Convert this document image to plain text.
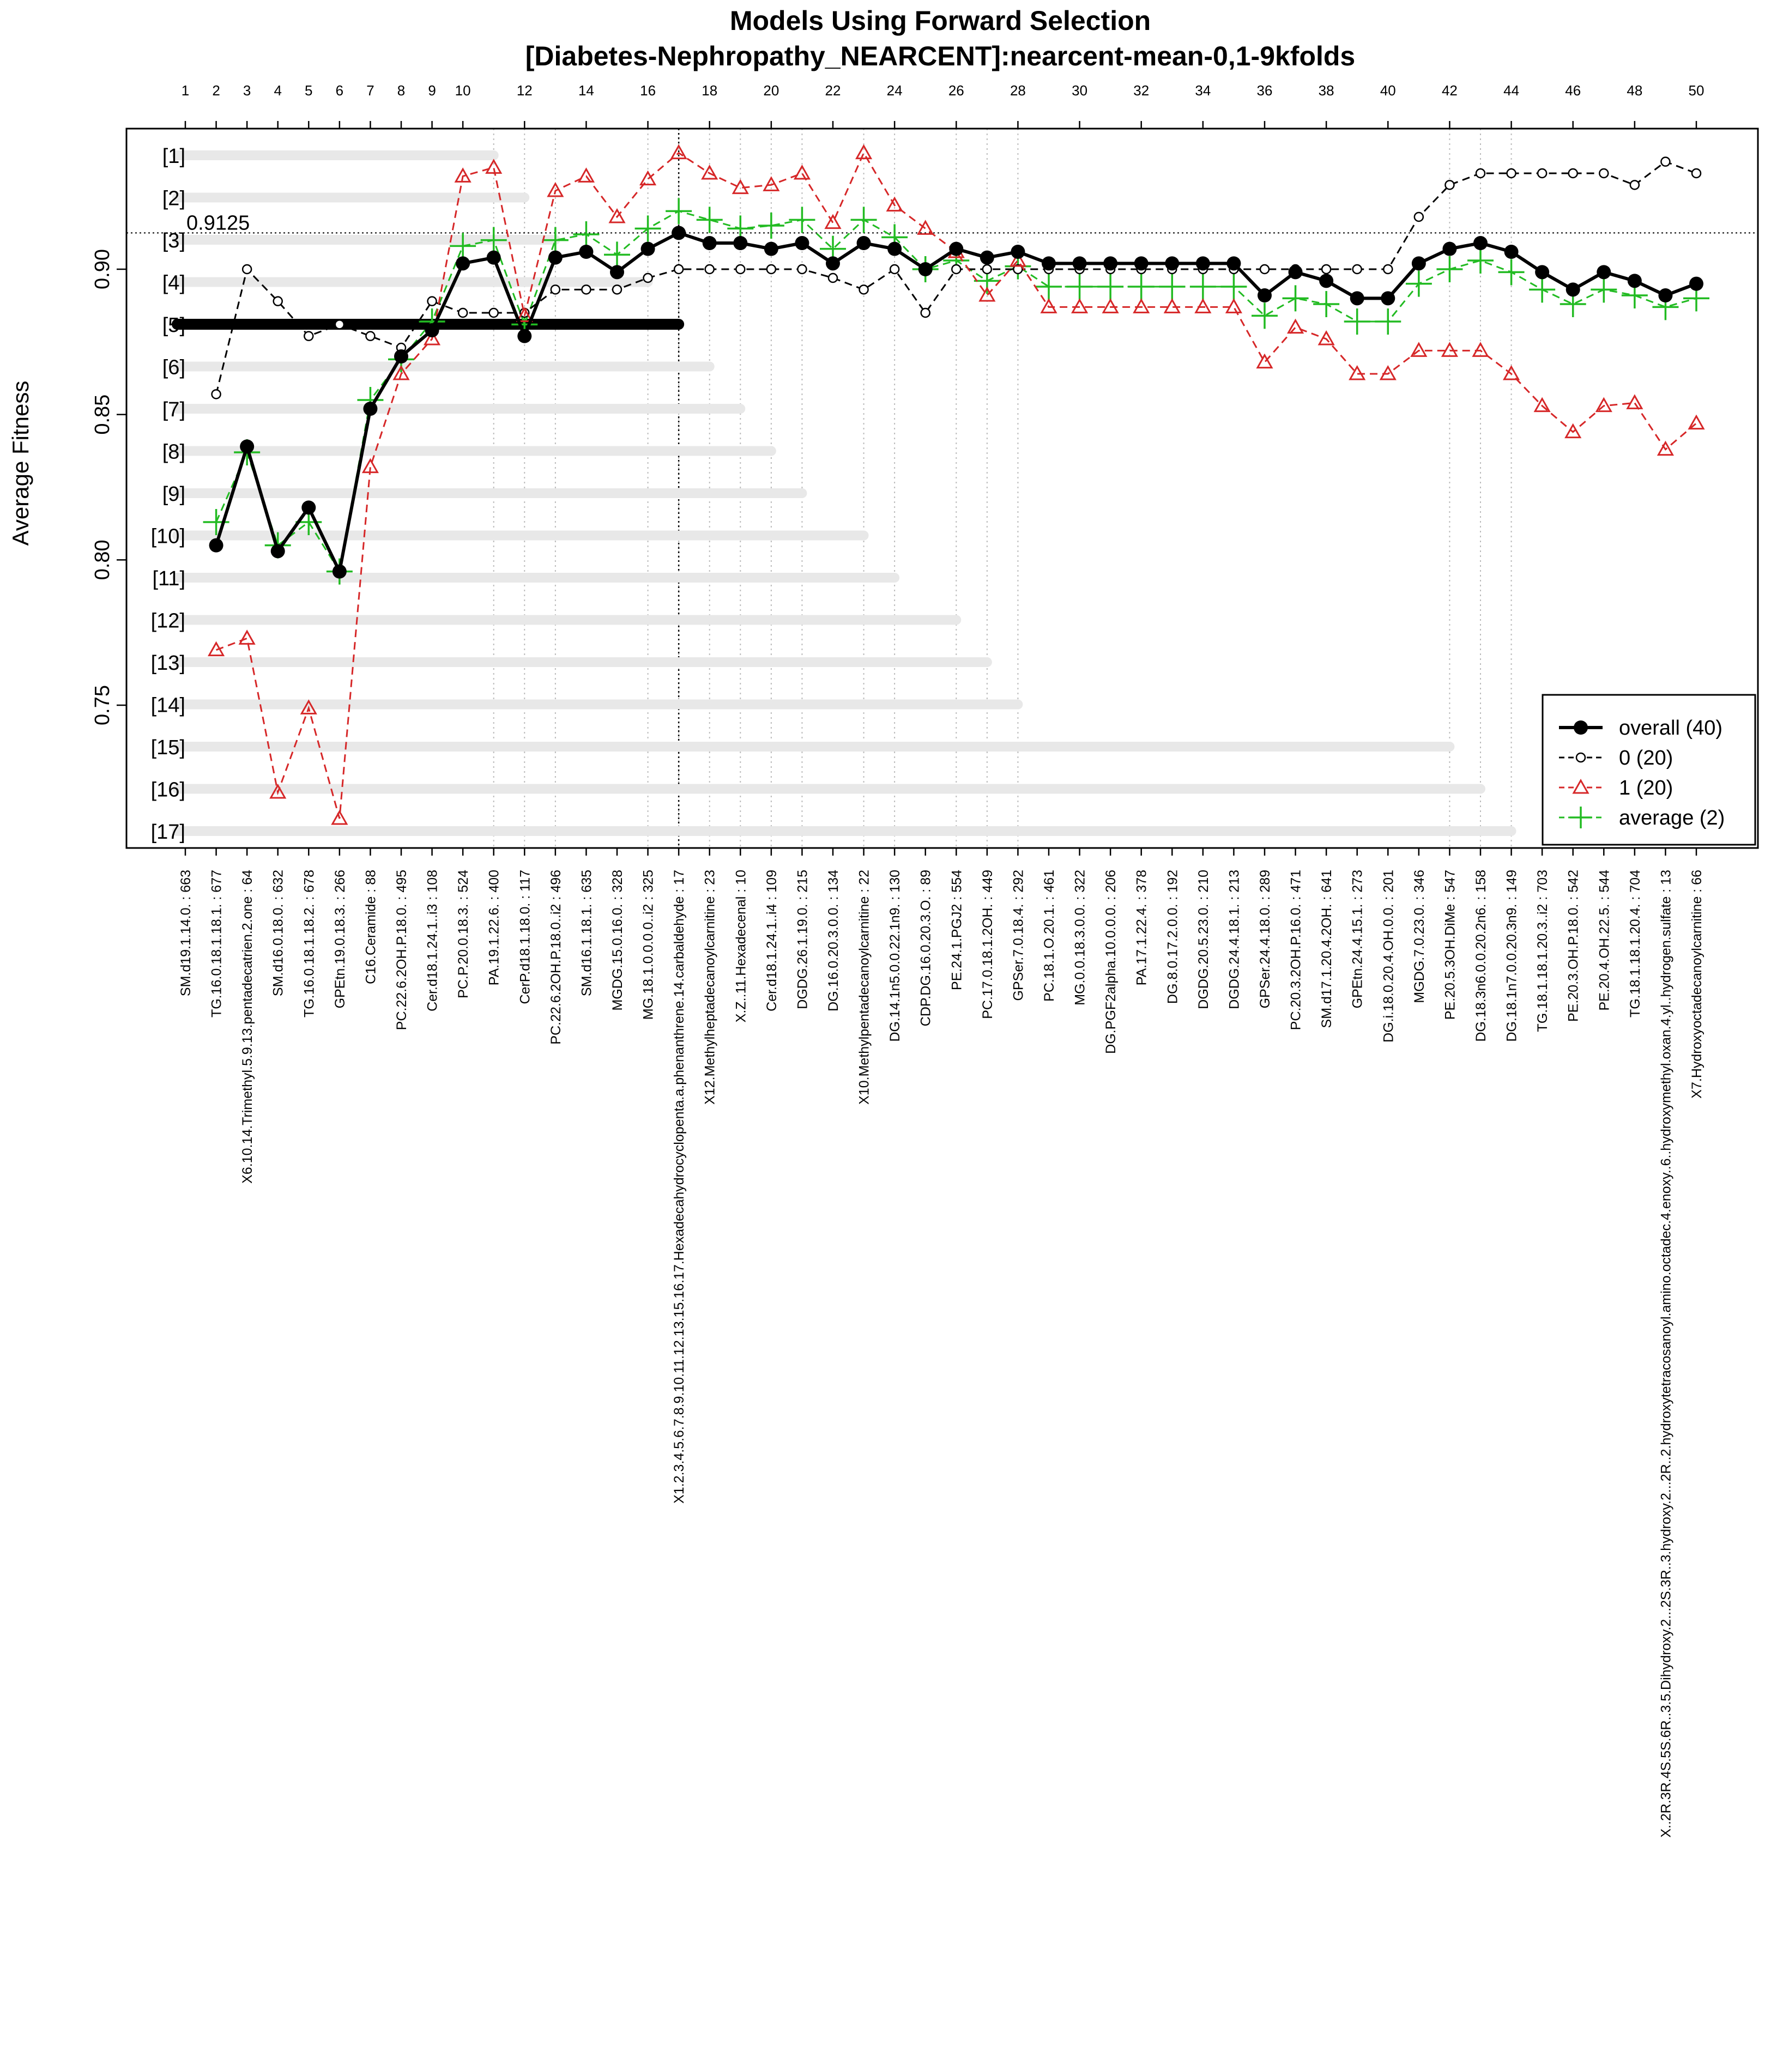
Models Using Forward Selection
[Diabetes-Nephropathy_NEARCENT]:nearcent-mean-0,1-9kfolds
Average Fitness
0.9125
[1]
[2]
[3]
[4]
[5]
[6]
[7]
[8]
[9]
[10]
[11]
[12]
[13]
[14]
[15]
[16]
[17]
1 2 3 4 5 6 7 8 9 10	12	14	16	18	20	22	24	26	28	30	32	34	36	38	40	42	44	46	48	50
0.75
0.80
0.85
0.90
SM.d19.1.14.0. : 663 TG.16.0.18.1.18.1. : 677 X6.10.14.Trimethyl.5.9.13.pentadecatrien.2.one : 64 SM.d16.0.18.0. : 632 TG.16.0.18.1.18.2. : 678 GPEtn.19.0.18.3. : 266 C16.Ceramide : 88 PC.22.6.2OH.P.18.0. : 495 Cer.d18.1.24.1..i3 : 108 PC.P.20.0.18.3. : 524 PA.19.1.22.6. : 400 CerP.d18.1.18.0. : 117 PC.22.6.2OH.P.18.0..i2 : 496 SM.d16.1.18.1. : 635 MGDG.15.0.16.0. : 328 MG.18.1.0.0.0.0..i2 : 325 X1.2.3.4.5.6.7.8.9.10.11.12.13.15.16.17.Hexadecahydrocyclopenta.a.phenanthrene.14.carbaldehyde : 17 X12.Methylheptadecanoylcarnitine : 23 X.Z..11.Hexadecenal : 10 Cer.d18.1.24.1..i4 : 109 DGDG.26.1.19.0. : 215 DG.16.0.20.3.0.0. : 134 X10.Methylpentadecanoylcarnitine : 22 DG.14.1n5.0.0.22.1n9. : 130 CDP.DG.16.0.20.3.O. : 89 PE.24.1.PGJ2 : 554 PC.17.0.18.1.2OH. : 449 GPSer.7.0.18.4. : 292 PC.18.1.O.20.1. : 461 MG.0.0.18.3.0.0. : 322 DG.PGF2alpha.10.0.0.0. : 206 PA.17.1.22.4. : 378 DG.8.0.17.2.0.0. : 192 DGDG.20.5.23.0. : 210 DGDG.24.4.18.1. : 213 GPSer.24.4.18.0. : 289 PC.20.3.2OH.P.16.0. : 471 SM.d17.1.20.4.2OH. : 641 GPEtn.24.4.15.1. : 273 DG.i.18.0.20.4.OH.0.0. : 201 MGDG.7.0.23.0. : 346 PE.20.5.3OH.DiMe : 547 DG.18.3n6.0.0.20.2n6. : 158 DG.18.1n7.0.0.20.3n9. : 149 TG.18.1.18.1.20.3..i2 : 703 PE.20.3.OH.P.18.0. : 542 PE.20.4.OH.22.5. : 544 TG.18.1.18.1.20.4. : 704 X..2R.3R.4S.5S.6R..3.5.Dihydroxy.2...2S.3R..3.hydroxy.2...2R..2.hydroxytetracosanoyl.amino.octadec.4.enoxy..6..hydroxymethyl.oxan.4.yl..hydrogen.sulfate : 13 X7.Hydroxyoctadecanoylcarnitine : 66
overall (40)
0 (20)
1 (20)
average (2)
